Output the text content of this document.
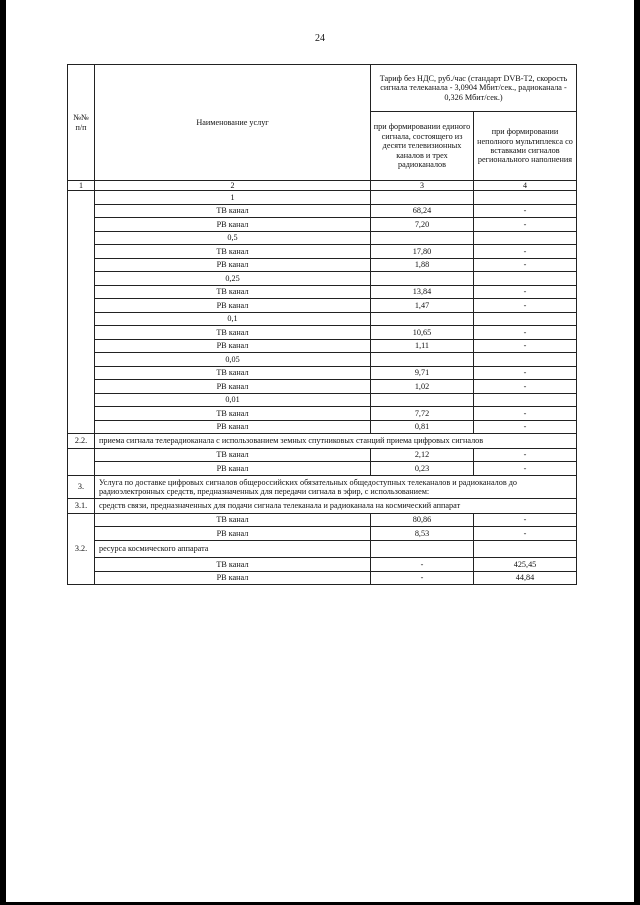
24
№№ п/п	Наименование услуг	Тариф без НДС, руб./час (стандарт DVB-T2, скорость сигнала телеканала - 3,0904 Мбит/сек., радиоканала - 0,326 Мбит/сек.)	
		при формировании единого сигнала, состоящего из десяти телевизионных каналов и трех радиоканалов	при формировании неполного мультиплекса со вставками сигналов регионального наполнения
1	2	3	4
	1		
	ТВ канал	68,24	-
	РВ канал	7,20	-
	0,5		
	ТВ канал	17,80	-
	РВ канал	1,88	-
	0,25		
	ТВ канал	13,84	-
	РВ канал	1,47	-
	0,1		
	ТВ канал	10,65	-
	РВ канал	1,11	-
	0,05		
	ТВ канал	9,71	-
	РВ канал	1,02	-
	0,01		
	ТВ канал	7,72	-
	РВ канал	0,81	-
2.2.	приема сигнала телерадиоканала с использованием земных спутниковых станций приема цифровых сигналов		
	ТВ канал	2,12	-
	РВ канал	0,23	-
3.	Услуга по доставке цифровых сигналов общероссийских обязательных общедоступных телеканалов и радиоканалов до радиоэлектронных средств, предназначенных для передачи сигнала в эфир, с использованием:		
3.1.	средств связи, предназначенных для подачи сигнала телеканала и радиоканала на космический аппарат		
3.2.	ТВ канал	80,86	-
	РВ канал	8,53	-
	ресурса космического аппарата		
	ТВ канал	-	425,45
	РВ канал	-	44,84
